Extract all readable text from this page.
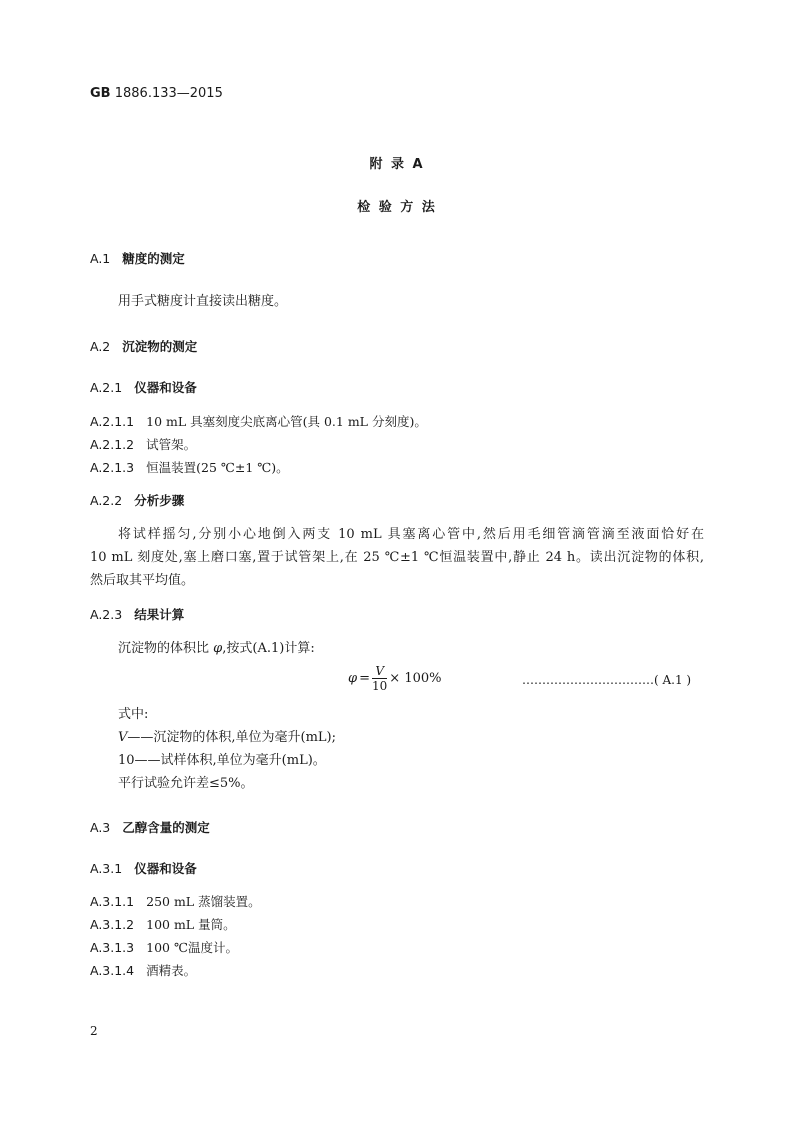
GB 1886.133—2015
附 录 A
检 验 方 法
A.1 糖度的测定
用手式糖度计直接读出糖度。
A.2 沉淀物的测定
A.2.1 仪器和设备
A.2.1.1 10 mL 具塞刻度尖底离心管(具 0.1 mL 分刻度)。
A.2.1.2 试管架。
A.2.1.3 恒温装置(25 ℃±1 ℃)。
A.2.2 分析步骤
将试样摇匀,分别小心地倒入两支 10 mL 具塞离心管中,然后用毛细管滴管滴至液面恰好在
10 mL 刻度处,塞上磨口塞,置于试管架上,在 25 ℃±1 ℃恒温装置中,静止 24 h。读出沉淀物的体积,
然后取其平均值。
A.2.3 结果计算
沉淀物的体积比 φ,按式(A.1)计算:
$\varphi = \frac{V}{10} \times 100\%$	……………………………( A.1 )
式中:
V——沉淀物的体积,单位为毫升(mL);
10——试样体积,单位为毫升(mL)。
平行试验允许差≤5%。
A.3 乙醇含量的测定
A.3.1 仪器和设备
A.3.1.1 250 mL 蒸馏装置。
A.3.1.2 100 mL 量筒。
A.3.1.3 100 ℃温度计。
A.3.1.4 酒精表。
2
